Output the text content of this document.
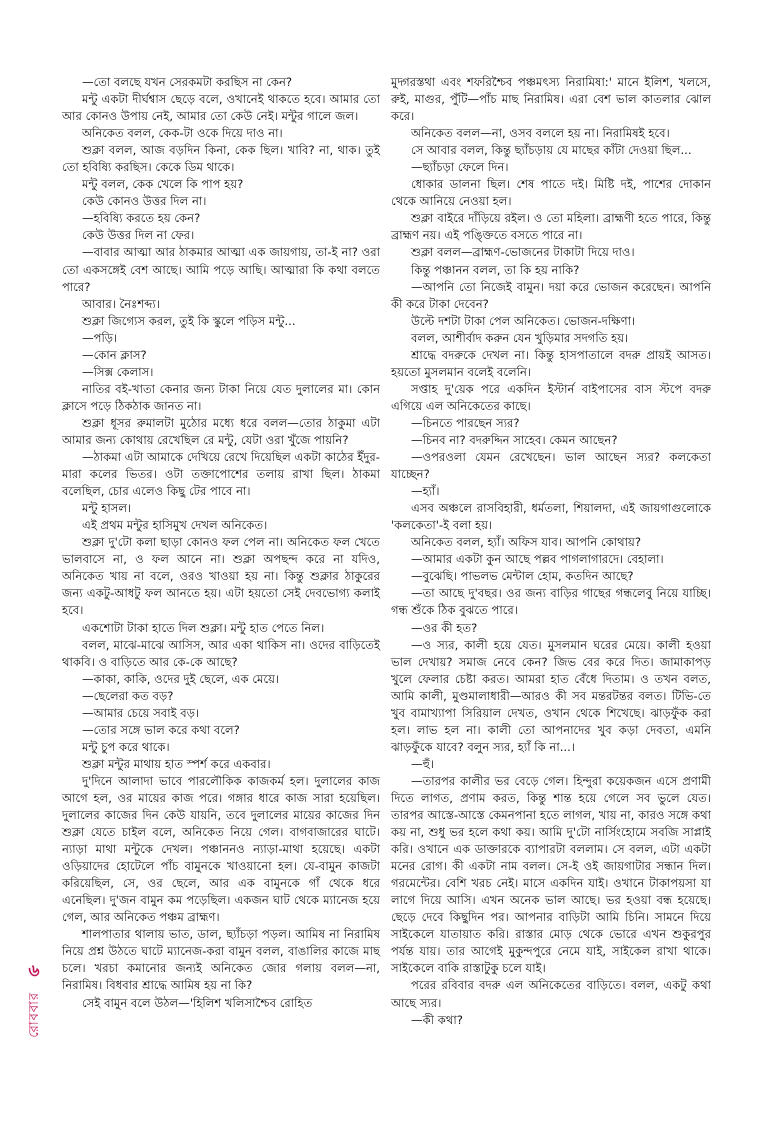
—তো বলছে যখন সেরকমটা করছিস না কেন?

মন্টু একটা দীর্ঘশ্বাস ছেড়ে বলে, ওখানেই থাকতে হবে। আমার তো আর কোনও উপায় নেই, আমার তো কেউ নেই। মন্টুর গালে জল।

অনিকেত বলল, কেক-টা ওকে দিয়ে দাও না।

শুক্লা বলল, আজ বড়দিন কিনা, কেক ছিল। খাবি? না, থাক। তুই তো হবিষ্যি করছিস। কেকে ডিম থাকে।

মন্টু বলল, কেক খেলে কি পাপ হয়?

কেউ কোনও উত্তর দিল না।

—হবিষ্যি করতে হয় কেন?

কেউ উত্তর দিল না ফের।

—বাবার আত্মা আর ঠাকমার আত্মা এক জায়গায়, তা-ই না? ওরা তো একসঙ্গেই বেশ আছে। আমি পড়ে আছি। আত্মারা কি কথা বলতে পারে?

আবার। নৈঃশব্দ্য।

শুক্লা জিগ্যেস করল, তুই কি স্কুলে পড়িস মন্টু...

—পড়ি।

—কোন ক্লাস?

—সিক্স কেলাস।

নাতির বই-খাতা কেনার জন্য টাকা নিয়ে যেত দুলালের মা। কোন ক্লাসে পড়ে ঠিকঠাক জানত না।

শুক্লা ধূসর রুমালটা মুঠোর মধ্যে ধরে বলল—তোর ঠাকুমা এটা আমার জন্য কোথায় রেখেছিল রে মন্টু, যেটা ওরা খুঁজে পায়নি?

—ঠাকমা এটা আমাকে দেখিয়ে রেখে দিয়েছিল একটা কাঠের ইঁদুর-মারা কলের ভিতর। ওটা তক্তাপোশের তলায় রাখা ছিল। ঠাকমা বলেছিল, চোর এলেও কিছু টের পাবে না।

মন্টু হাসল।

এই প্রথম মন্টুর হাসিমুখ দেখল অনিকেত।

শুক্লা দু'টো কলা ছাড়া কোনও ফল পেল না। অনিকেত ফল খেতে ভালবাসে না, ও ফল আনে না। শুক্লা অপছন্দ করে না যদিও, অনিকেত খায় না বলে, ওরও খাওয়া হয় না। কিন্তু শুক্লার ঠাকুরের জন্য একটু-আধটু ফল আনতে হয়। এটা হয়তো সেই দেবভোগ্য কলাই হবে।

একশোটা টাকা হাতে দিল শুক্লা। মন্টু হাত পেতে নিল।

বলল, মাঝে-মাঝে আসিস, আর একা থাকিস না। ওদের বাড়িতেই থাকবি। ও বাড়িতে আর কে-কে আছে?

—কাকা, কাকি, ওদের দুই ছেলে, এক মেয়ে।

—ছেলেরা কত বড়?

—আমার চেয়ে সবাই বড়।

—তোর সঙ্গে ভাল করে কথা বলে?

মন্টু চুপ করে থাকে।

শুক্লা মন্টুর মাথায় হাত স্পর্শ করে একবার।

দু'দিনে আলাদা ভাবে পারলৌকিক কাজকর্ম হল। দুলালের কাজ আগে হল, ওর মায়ের কাজ পরে। গঙ্গার ধারে কাজ সারা হয়েছিল। দুলালের কাজের দিন কেউ যায়নি, তবে দুলালের মায়ের কাজের দিন শুক্লা যেতে চাইল বলে, অনিকেত নিয়ে গেল। বাগবাজারের ঘাটে। ন্যাড়া মাথা মন্টুকে দেখল। পঞ্চাননও ন্যাড়া-মাথা হয়েছে। একটা ওড়িয়াদের হোটেলে পাঁচ বামুনকে খাওয়ানো হল। যে-বামুন কাজটা করিয়েছিল, সে, ওর ছেলে, আর এক বামুনকে গাঁ থেকে ধরে এনেছিল। দু'জন বামুন কম পড়েছিল। একজন ঘাট থেকে ম্যানেজ হয়ে গেল, আর অনিকেত পঞ্চম ব্রাহ্মণ।

শালপাতার থালায় ভাত, ডাল, ছ্যাঁচড়া পড়ল। আমিষ না নিরামিষ নিয়ে প্রশ্ন উঠতে ঘাটে ম্যানেজ-করা বামুন বলল, বাঙালির কাজে মাছ চলে। খরচা কমানোর জন্যই অনিকেত জোর গলায় বলল—না, নিরামিষ। বিধবার শ্রাদ্ধে আমিষ হয় না কি?

সেই বামুন বলে উঠল—'হিলিশ খলিসাশ্চৈব রোহিত

মুদ্গরস্তথা এবং শফরিশ্চৈব পঞ্চমৎস্য নিরামিষা:' মানে ইলিশ, খলসে, রুই, মাগুর, পুঁটি—পাঁচ মাছ নিরামিষ। এরা বেশ ভাল কাতলার ঝোল করে।

অনিকেত বলল—না, ওসব বললে হয় না। নিরামিষই হবে।

সে আবার বলল, কিন্তু ছ্যাঁচড়ায় যে মাছের কাঁটা দেওয়া ছিল...

—ছ্যাঁচড়া ফেলে দিন।

ধোকার ডালনা ছিল। শেষ পাতে দই। মিষ্টি দই, পাশের দোকান থেকে আনিয়ে নেওয়া হল।

শুক্লা বাইরে দাঁড়িয়ে রইল। ও তো মহিলা। ব্রাহ্মণী হতে পারে, কিন্তু ব্রাহ্মণ নয়। এই পঙ্ক্তিতে বসতে পারে না।

শুক্লা বলল—ব্রাহ্মণ-ভোজনের টাকাটা দিয়ে দাও।

কিন্তু পঞ্চানন বলল, তা কি হয় নাকি?

—আপনি তো নিজেই বামুন। দয়া করে ভোজন করেছেন। আপনি কী করে টাকা দেবেন?

উল্টে দশটা টাকা পেল অনিকেত। ভোজন-দক্ষিণা।

বলল, আশীর্বাদ করুন যেন খুড়িমার সদগতি হয়।

শ্রাদ্ধে বদরুকে দেখল না। কিন্তু হাসপাতালে বদরু প্রায়ই আসত। হয়তো মুসলমান বলেই বলেনি।

সপ্তাহ দু'য়েক পরে একদিন ইস্টার্ন বাইপাসের বাস স্টপে বদরু এগিয়ে এল অনিকেতের কাছে।

—চিনতে পারছেন স্যর?

—চিনব না? বদরুদ্দিন সাহেব। কেমন আছেন?

—ওপরওলা যেমন রেখেছেন। ভাল আছেন স্যর? কলকেতা যাচ্ছেন?

—হ্যাঁ।

এসব অঞ্চলে রাসবিহারী, ধর্মতলা, শিয়ালদা, এই জায়গাগুলোকে 'কলকেতা'-ই বলা হয়।

অনিকেত বলল, হ্যাঁ। অফিস যাব। আপনি কোথায়?

—আমার একটা কুন আছে পল্লব পাগলাগারদে। বেহালা।

—বুঝেছি। পাভলভ মেন্টাল হোম, কতদিন আছে?

—তা আছে দু'বছর। ওর জন্য বাড়ির গাছের গন্ধলেবু নিয়ে যাচ্ছি। গন্ধ শুঁকে ঠিক বুঝতে পারে।

—ওর কী হত?

—ও স্যর, কালী হয়ে যেত। মুসলমান ঘরের মেয়ে। কালী হওয়া ভাল দেখায়? সমাজ নেবে কেন? জিভ বের করে দিত। জামাকাপড় খুলে ফেলার চেষ্টা করত। আমরা হাত বেঁধে দিতাম। ও তখন বলত, আমি কালী, মুণ্ডমালাধারী—আরও কী সব মন্তরটন্তর বলত। টিভি-তে খুব বামাখ্যাপা সিরিয়াল দেখত, ওখান থেকে শিখেছে। ঝাড়ফুঁক করা হল। লাভ হল না। কালী তো আপনাদের খুব কড়া দেবতা, এমনি ঝাড়ফুঁকে যাবে? বলুন স্যর, হ্যাঁ কি না...।

—হুঁ।

—তারপর কালীর ভর বেড়ে গেল। হিন্দুরা কয়েকজন এসে প্রণামী দিতে লাগত, প্রণাম করত, কিন্তু শান্ত হয়ে গেলে সব ভুলে যেত। তারপর আস্তে-আস্তে কেমনপানা হতে লাগল, খায় না, কারও সঙ্গে কথা কয় না, শুধু ভর হলে কথা কয়। আমি দু'টো নার্সিংহোমে সবজি সাপ্লাই করি। ওখানে এক ডাক্তারকে ব্যাপারটা বললাম। সে বলল, এটা একটা মনের রোগ। কী একটা নাম বলল। সে-ই ওই জায়গাটার সন্ধান দিল। গরমেন্টের। বেশি খরচ নেই। মাসে একদিন যাই। ওখানে টাকাপয়সা যা লাগে দিয়ে আসি। এখন অনেক ভাল আছে। ভর হওয়া বন্ধ হয়েছে। ছেড়ে দেবে কিছুদিন পর। আপনার বাড়িটা আমি চিনি। সামনে দিয়ে সাইকেলে যাতায়াত করি। রাস্তার মোড় থেকে ভোরে এখন শুকুরপুর পর্যন্ত যায়। তার আগেই মুকুন্দপুরে নেমে যাই, সাইকেল রাখা থাকে। সাইকেলে বাকি রাস্তাটুকু চলে যাই।

পরের রবিবার বদরু এল অনিকেতের বাড়িতে। বলল, একটু কথা আছে স্যর।

—কী কথা?

৬
রোববার
